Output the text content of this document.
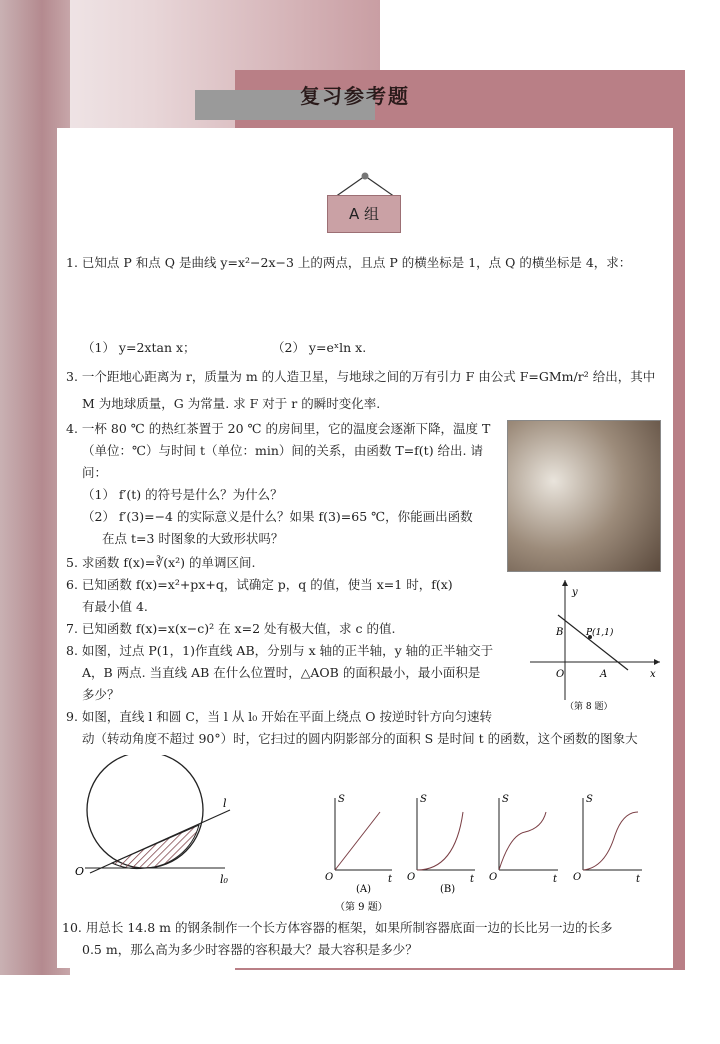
复习参考题
A 组
1. 已知点 P 和点 Q 是曲线 y=x²−2x−3 上的两点，且点 P 的横坐标是 1，点 Q 的横坐标是 4，求：
（1） y=2xtan x；	（2） y=eˣln x.
3. 一个距地心距离为 r，质量为 m 的人造卫星，与地球之间的万有引力 F 由公式 F=GMm/r² 给出，其中
M 为地球质量，G 为常量. 求 F 对于 r 的瞬时变化率.
4. 一杯 80 ℃ 的热红茶置于 20 ℃ 的房间里，它的温度会逐渐下降，温度 T
（单位：℃）与时间 t（单位：min）间的关系，由函数 T=f(t) 给出. 请
问：
（1） f′(t) 的符号是什么？为什么？
（2） f′(3)=−4 的实际意义是什么？如果 f(3)=65 ℃，你能画出函数
在点 t=3 时图象的大致形状吗？
5. 求函数 f(x)=∛(x²) 的单调区间.
6. 已知函数 f(x)=x²+px+q，试确定 p，q 的值，使当 x=1 时，f(x)
有最小值 4.
7. 已知函数 f(x)=x(x−c)² 在 x=2 处有极大值，求 c 的值.
8. 如图，过点 P(1，1)作直线 AB，分别与 x 轴的正半轴，y 轴的正半轴交于
A，B 两点. 当直线 AB 在什么位置时，△AOB 的面积最小，最小面积是
多少？
y
x
O
B
A
P(1,1)
（第 8 题）
9. 如图，直线 l 和圆 C，当 l 从 l₀ 开始在平面上绕点 O 按逆时针方向匀速转
动（转动角度不超过 90°）时，它扫过的圆内阴影部分的面积 S 是时间 t 的函数，这个函数的图象大
l
l₀
O
S	S	S	S
t	t	t	t
O	O	O	O
(A)	(B)
（第 9 题）
10. 用总长 14.8 m 的钢条制作一个长方体容器的框架，如果所制容器底面一边的长比另一边的长多
0.5 m，那么高为多少时容器的容积最大？最大容积是多少？
